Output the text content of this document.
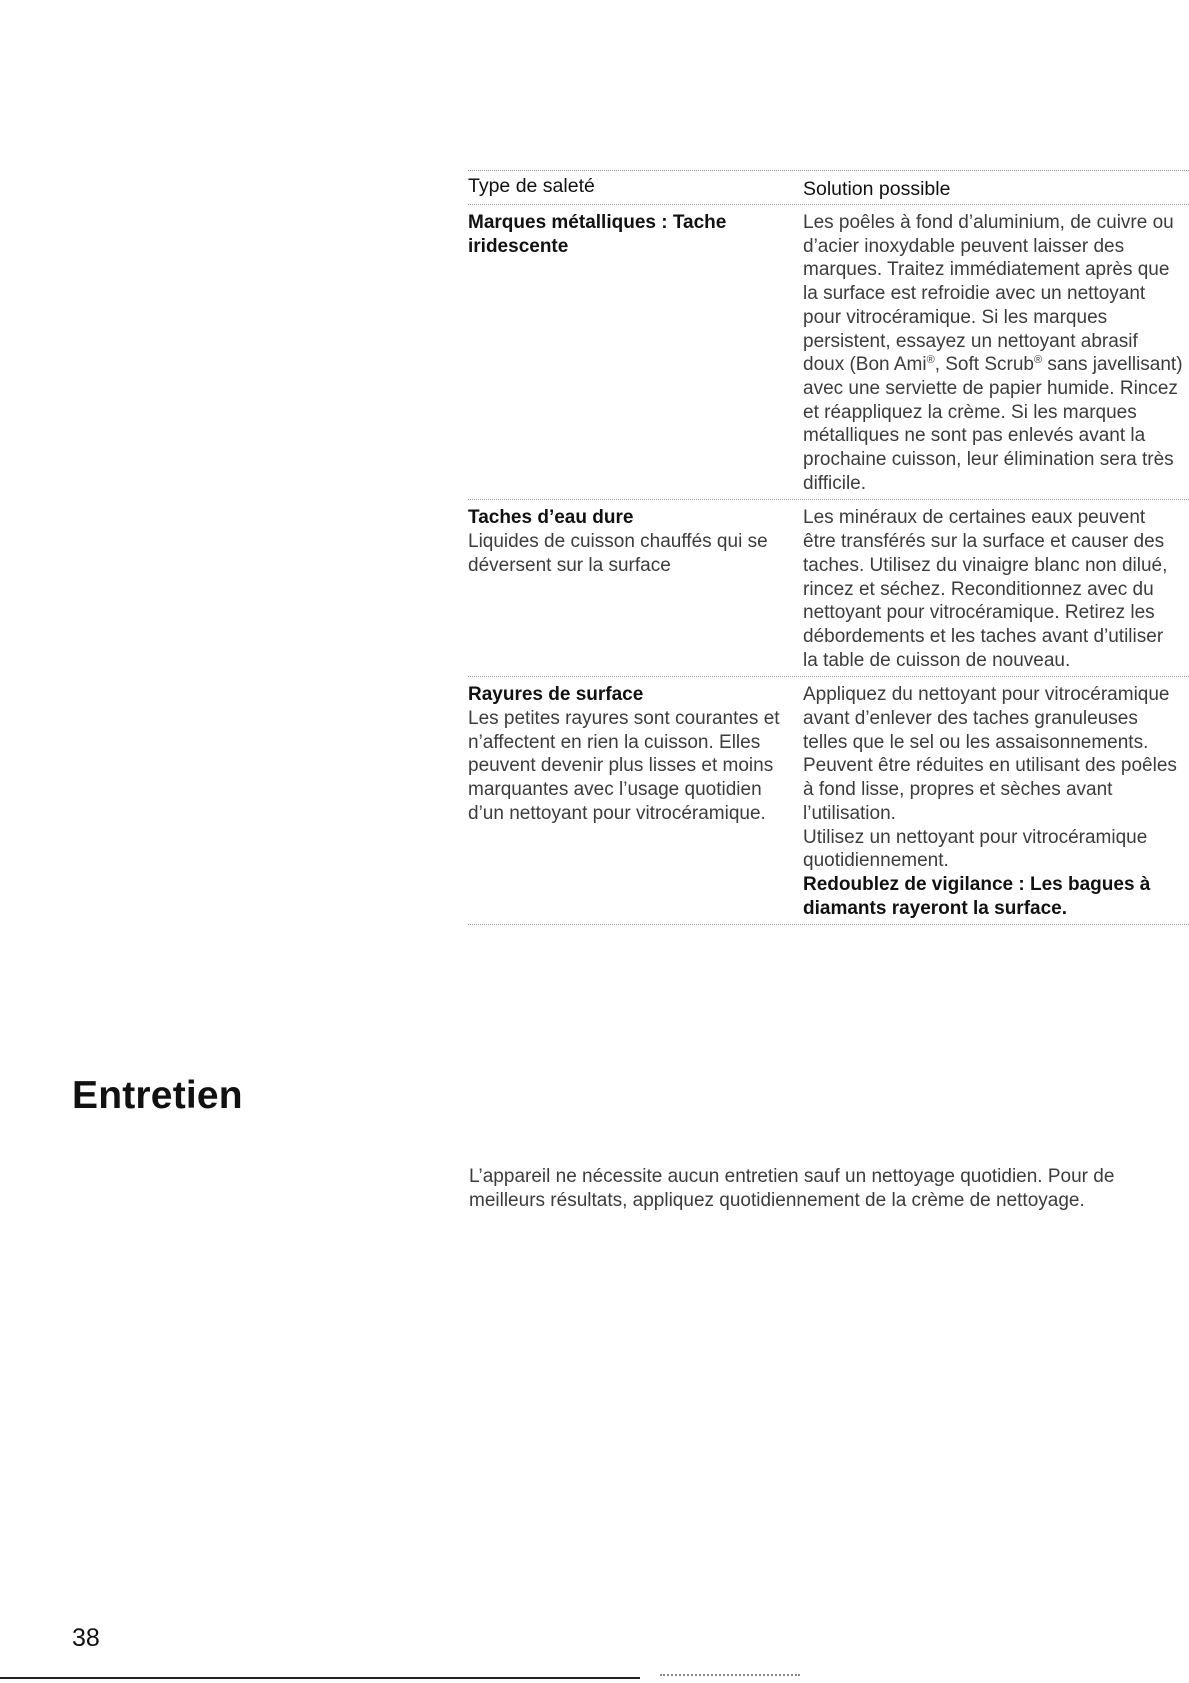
Type de saleté	Solution possible
Marques métalliques : Tache iridescente
Les poêles à fond d’aluminium, de cuivre ou d’acier inoxydable peuvent laisser des marques. Traitez immédiatement après que la surface est refroidie avec un nettoyant pour vitrocéramique. Si les marques persistent, essayez un nettoyant abrasif doux (Bon Ami®, Soft Scrub® sans javellisant) avec une serviette de papier humide. Rincez et réappliquez la crème. Si les marques métalliques ne sont pas enlevés avant la prochaine cuisson, leur élimination sera très difficile.
Taches d’eau dure
Liquides de cuisson chauffés qui se déversent sur la surface
Les minéraux de certaines eaux peuvent être transférés sur la surface et causer des taches. Utilisez du vinaigre blanc non dilué, rincez et séchez. Reconditionnez avec du nettoyant pour vitrocéramique. Retirez les débordements et les taches avant d’utiliser la table de cuisson de nouveau.
Rayures de surface
Les petites rayures sont courantes et n’affectent en rien la cuisson. Elles peuvent devenir plus lisses et moins marquantes avec l’usage quotidien d’un nettoyant pour vitrocéramique.
Appliquez du nettoyant pour vitrocéramique avant d’enlever des taches granuleuses telles que le sel ou les assaisonnements.
Peuvent être réduites en utilisant des poêles à fond lisse, propres et sèches avant l’utilisation.
Utilisez un nettoyant pour vitrocéramique quotidiennement.
Redoublez de vigilance : Les bagues à diamants rayeront la surface.
Entretien

L’appareil ne nécessite aucun entretien sauf un nettoyage quotidien. Pour de meilleurs résultats, appliquez quotidiennement de la crème de nettoyage.

38
